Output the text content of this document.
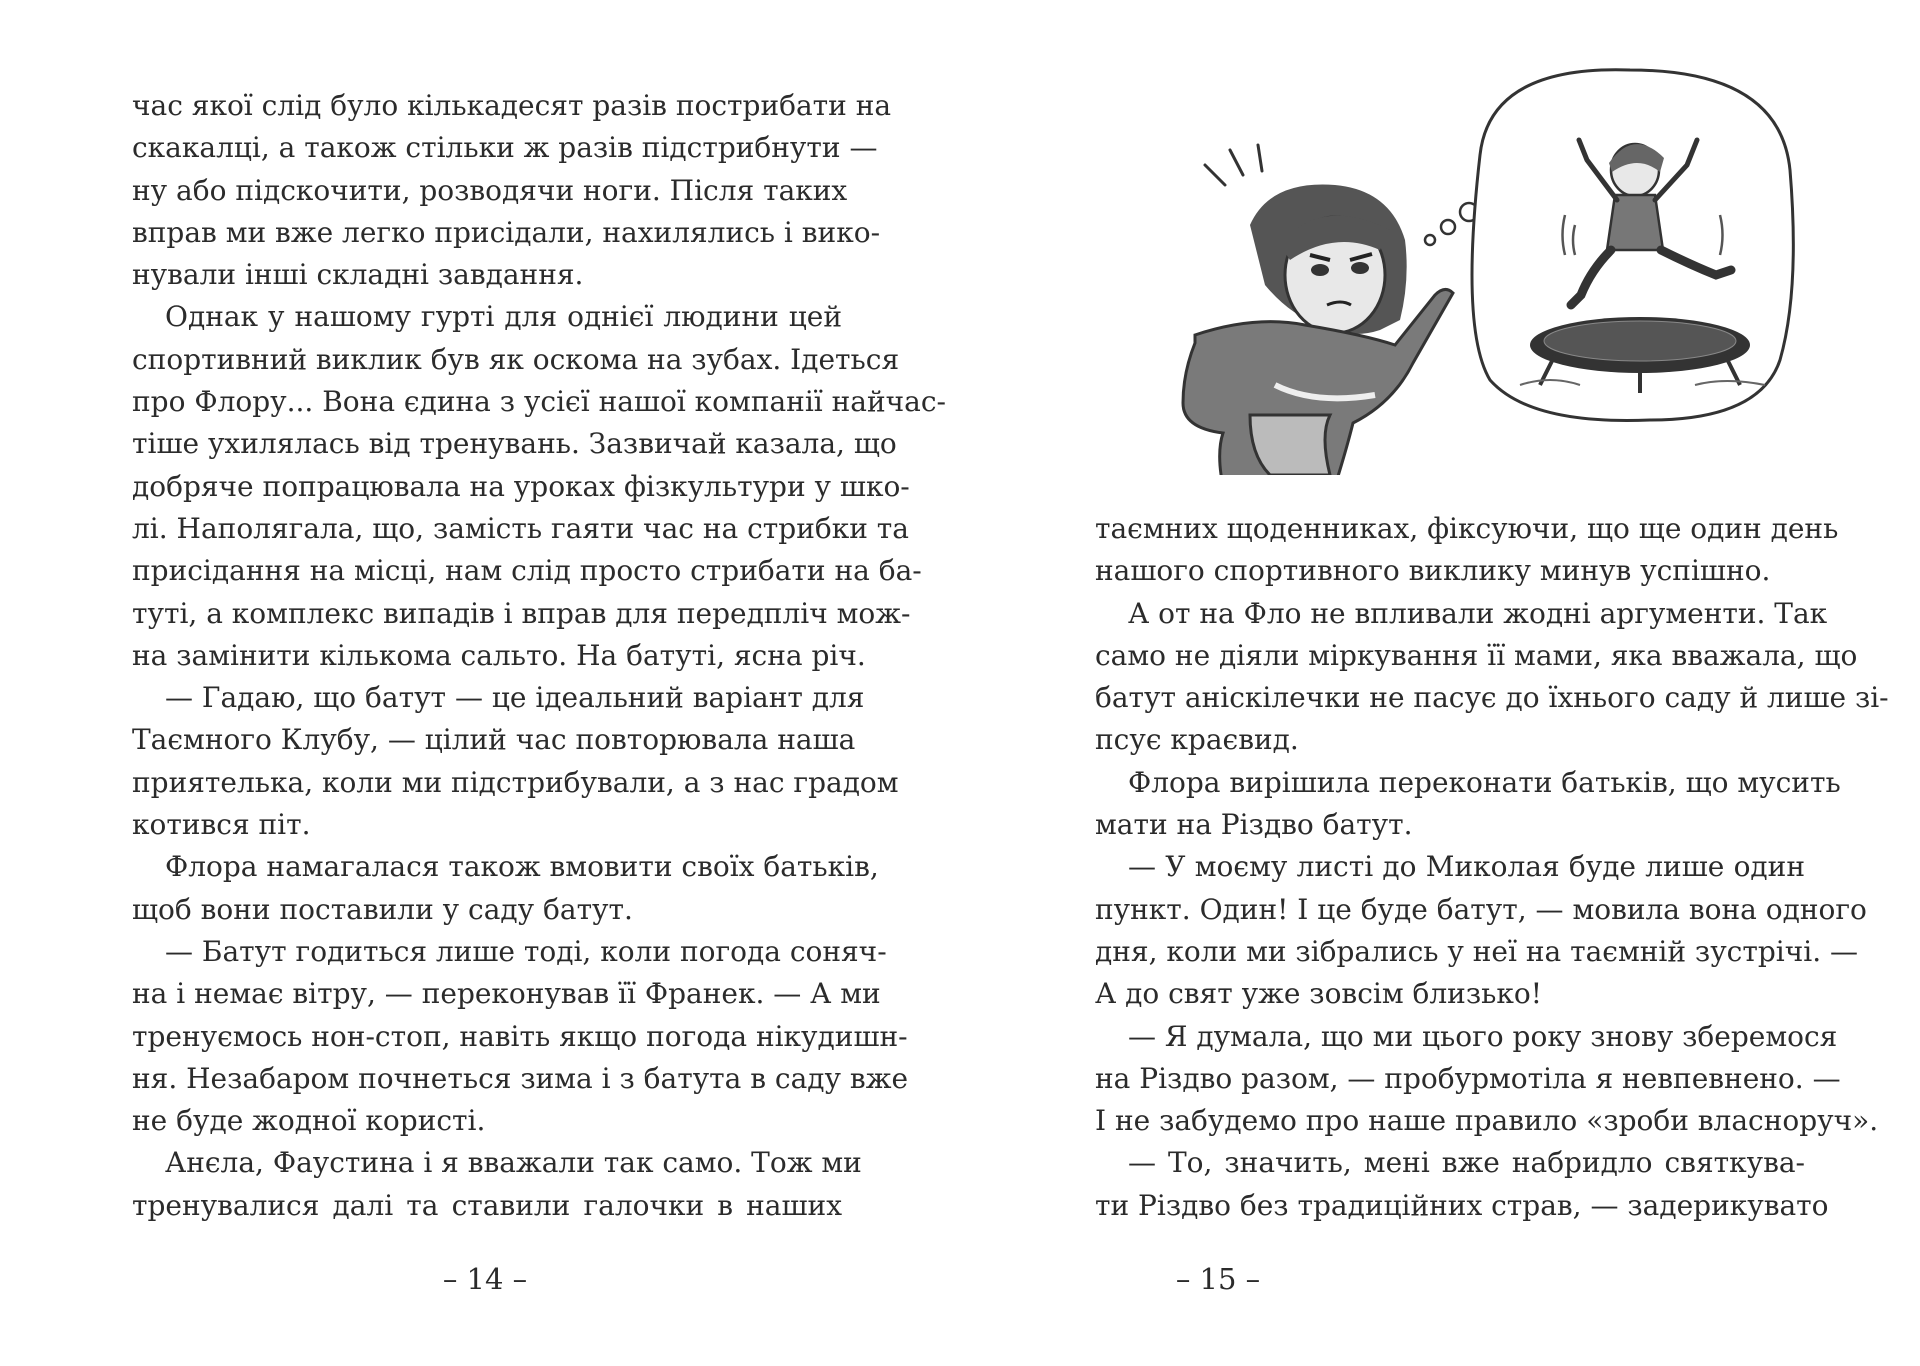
час якої слід було кількадесят разів пострибати на
скакалці, а також стільки ж разів підстрибнути —
ну або підскочити, розводячи ноги. Після таких
вправ ми вже легко присідали, нахилялись і вико-
нували інші складні завдання.
Однак у нашому гурті для однієї людини цей
спортивний виклик був як оскома на зубах. Ідеться
про Флору... Вона єдина з усієї нашої компанії найчас-
тіше ухилялась від тренувань. Зазвичай казала, що
добряче попрацювала на уроках фізкультури у шко-
лі. Наполягала, що, замість гаяти час на стрибки та
присідання на місці, нам слід просто стрибати на ба-
туті, а комплекс випадів і вправ для передпліч мож-
на замінити кількома сальто. На батуті, ясна річ.
— Гадаю, що батут — це ідеальний варіант для
Таємного Клубу, — цілий час повторювала наша
приятелька, коли ми підстрибували, а з нас градом
котився піт.
Флора намагалася також вмовити своїх батьків,
щоб вони поставили у саду батут.
— Батут годиться лише тоді, коли погода соняч-
на і немає вітру, — переконував її Франек. — А ми
тренуємось нон-стоп, навіть якщо погода нікудишн-
ня. Незабаром почнеться зима і з батута в саду вже
не буде жодної користі.
Анєла, Фаустина і я вважали так само. Тож ми
тренувалися далі та ставили галочки в наших
– 14 –
таємних щоденниках, фіксуючи, що ще один день
нашого спортивного виклику минув успішно.
А от на Фло не впливали жодні аргументи. Так
само не діяли міркування її мами, яка вважала, що
батут аніскілечки не пасує до їхнього саду й лише зі-
псує краєвид.
Флора вирішила переконати батьків, що мусить
мати на Різдво батут.
— У моєму листі до Миколая буде лише один
пункт. Один! І це буде батут, — мовила вона одного
дня, коли ми зібрались у неї на таємній зустрічі. —
А до свят уже зовсім близько!
— Я думала, що ми цього року знову зберемося
на Різдво разом, — пробурмотіла я невпевнено. —
І не забудемо про наше правило «зроби власноруч».
— То, значить, мені вже набридло святкува-
ти Різдво без традиційних страв, — задерикувато
– 15 –
